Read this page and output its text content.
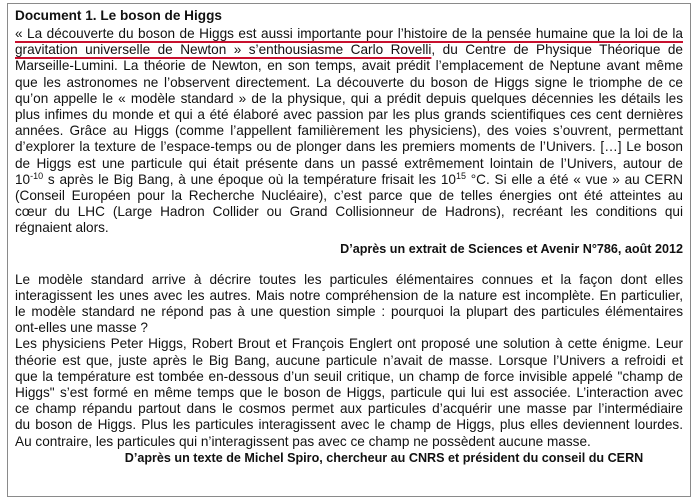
Document 1. Le boson de Higgs
« La découverte du boson de Higgs est aussi importante pour l’histoire de la pensée humaine que la loi de la
gravitation universelle de Newton » s’enthousiasme Carlo Rovelli, du Centre de Physique Théorique de
Marseille-Lumini. La théorie de Newton, en son temps, avait prédit l’emplacement de Neptune avant même
que les astronomes ne l’observent directement. La découverte du boson de Higgs signe le triomphe de ce
qu’on appelle le « modèle standard » de la physique, qui a prédit depuis quelques décennies les détails les
plus infimes du monde et qui a été élaboré avec passion par les plus grands scientifiques ces cent dernières
années. Grâce au Higgs (comme l’appellent familièrement les physiciens), des voies s’ouvrent, permettant
d’explorer la texture de l’espace-temps ou de plonger dans les premiers moments de l’Univers. […] Le boson
de Higgs est une particule qui était présente dans un passé extrêmement lointain de l’Univers, autour de
$10^{-10}$ s après le Big Bang, à une époque où la température frisait les $10^{15}$ °C. Si elle a été « vue » au CERN
(Conseil Européen pour la Recherche Nucléaire), c’est parce que de telles énergies ont été atteintes au
cœur du LHC (Large Hadron Collider ou Grand Collisionneur de Hadrons), recréant les conditions qui
régnaient alors.
D’après un extrait de Sciences et Avenir N°786, août 2012
Le modèle standard arrive à décrire toutes les particules élémentaires connues et la façon dont elles
interagissent les unes avec les autres. Mais notre compréhension de la nature est incomplète. En particulier,
le modèle standard ne répond pas à une question simple : pourquoi la plupart des particules élémentaires
ont-elles une masse ?
Les physiciens Peter Higgs, Robert Brout et François Englert ont proposé une solution à cette énigme. Leur
théorie est que, juste après le Big Bang, aucune particule n’avait de masse. Lorsque l’Univers a refroidi et
que la température est tombée en-dessous d’un seuil critique, un champ de force invisible appelé "champ de
Higgs" s’est formé en même temps que le boson de Higgs, particule qui lui est associée. L’interaction avec
ce champ répandu partout dans le cosmos permet aux particules d’acquérir une masse par l’intermédiaire
du boson de Higgs. Plus les particules interagissent avec le champ de Higgs, plus elles deviennent lourdes.
Au contraire, les particules qui n’interagissent pas avec ce champ ne possèdent aucune masse.
D’après un texte de Michel Spiro, chercheur au CNRS et président du conseil du CERN
